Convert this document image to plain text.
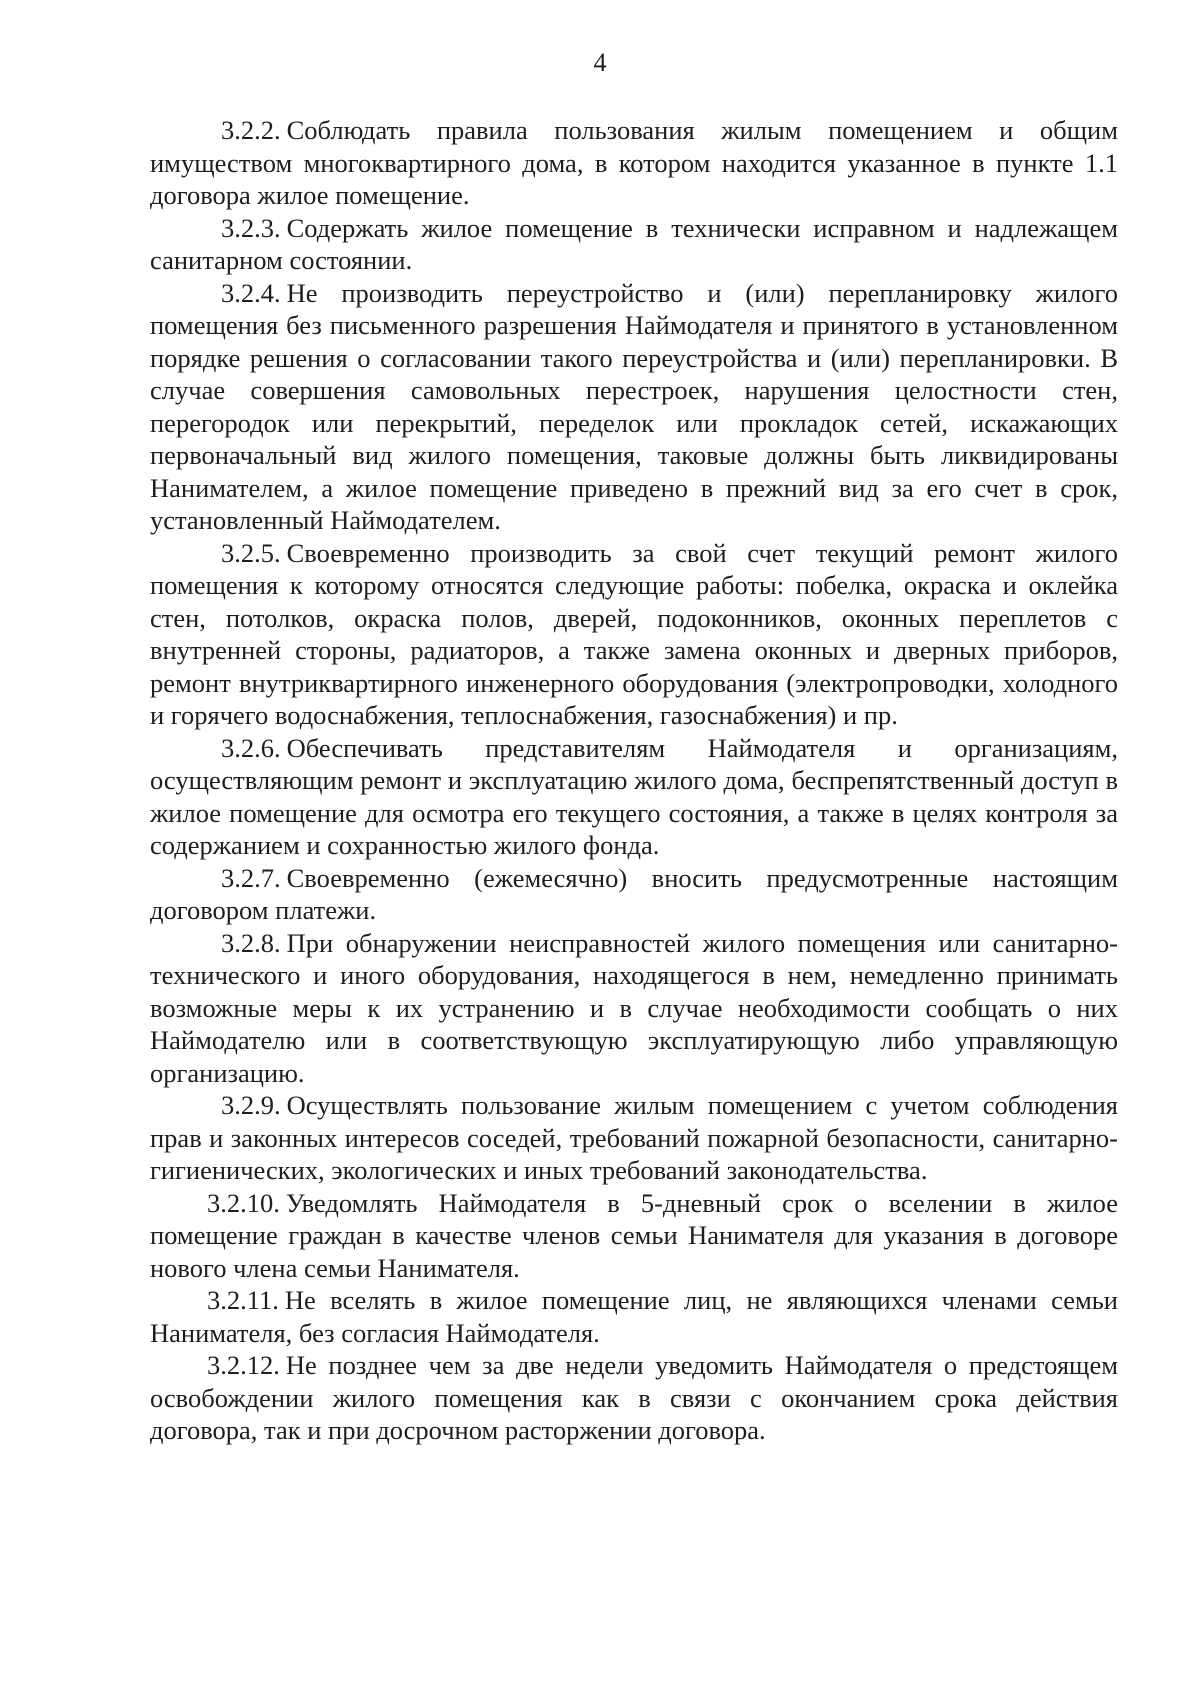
4

3.2.2. Соблюдать правила пользования жилым помещением и общим имуществом многоквартирного дома, в котором находится указанное в пункте 1.1 договора жилое помещение.

3.2.3. Содержать жилое помещение в технически исправном и надлежащем санитарном состоянии.

3.2.4. Не производить переустройство и (или) перепланировку жилого помещения без письменного разрешения Наймодателя и принятого в установленном порядке решения о согласовании такого переустройства и (или) перепланировки. В случае совершения самовольных перестроек, нарушения целостности стен, перегородок или перекрытий, переделок или прокладок сетей, искажающих первоначальный вид жилого помещения, таковые должны быть ликвидированы Нанимателем, а жилое помещение приведено в прежний вид за его счет в срок, установленный Наймодателем.

3.2.5. Своевременно производить за свой счет текущий ремонт жилого помещения к которому относятся следующие работы: побелка, окраска и оклейка стен, потолков, окраска полов, дверей, подоконников, оконных переплетов с внутренней стороны, радиаторов, а также замена оконных и дверных приборов, ремонт внутриквартирного инженерного оборудования (электропроводки, холодного и горячего водоснабжения, теплоснабжения, газоснабжения) и пр.

3.2.6. Обеспечивать представителям Наймодателя и организациям, осуществляющим ремонт и эксплуатацию жилого дома, беспрепятственный доступ в жилое помещение для осмотра его текущего состояния, а также в целях контроля за содержанием и сохранностью жилого фонда.

3.2.7. Своевременно (ежемесячно) вносить предусмотренные настоящим договором платежи.

3.2.8. При обнаружении неисправностей жилого помещения или санитарно-технического и иного оборудования, находящегося в нем, немедленно принимать возможные меры к их устранению и в случае необходимости сообщать о них Наймодателю или в соответствующую эксплуатирующую либо управляющую организацию.

3.2.9. Осуществлять пользование жилым помещением с учетом соблюдения прав и законных интересов соседей, требований пожарной безопасности, санитарно-гигиенических, экологических и иных требований законодательства.

3.2.10. Уведомлять Наймодателя в 5-дневный срок о вселении в жилое помещение граждан в качестве членов семьи Нанимателя для указания в договоре нового члена семьи Нанимателя.

3.2.11. Не вселять в жилое помещение лиц, не являющихся членами семьи Нанимателя, без согласия Наймодателя.

3.2.12. Не позднее чем за две недели уведомить Наймодателя о предстоящем освобождении жилого помещения как в связи с окончанием срока действия договора, так и при досрочном расторжении договора.
